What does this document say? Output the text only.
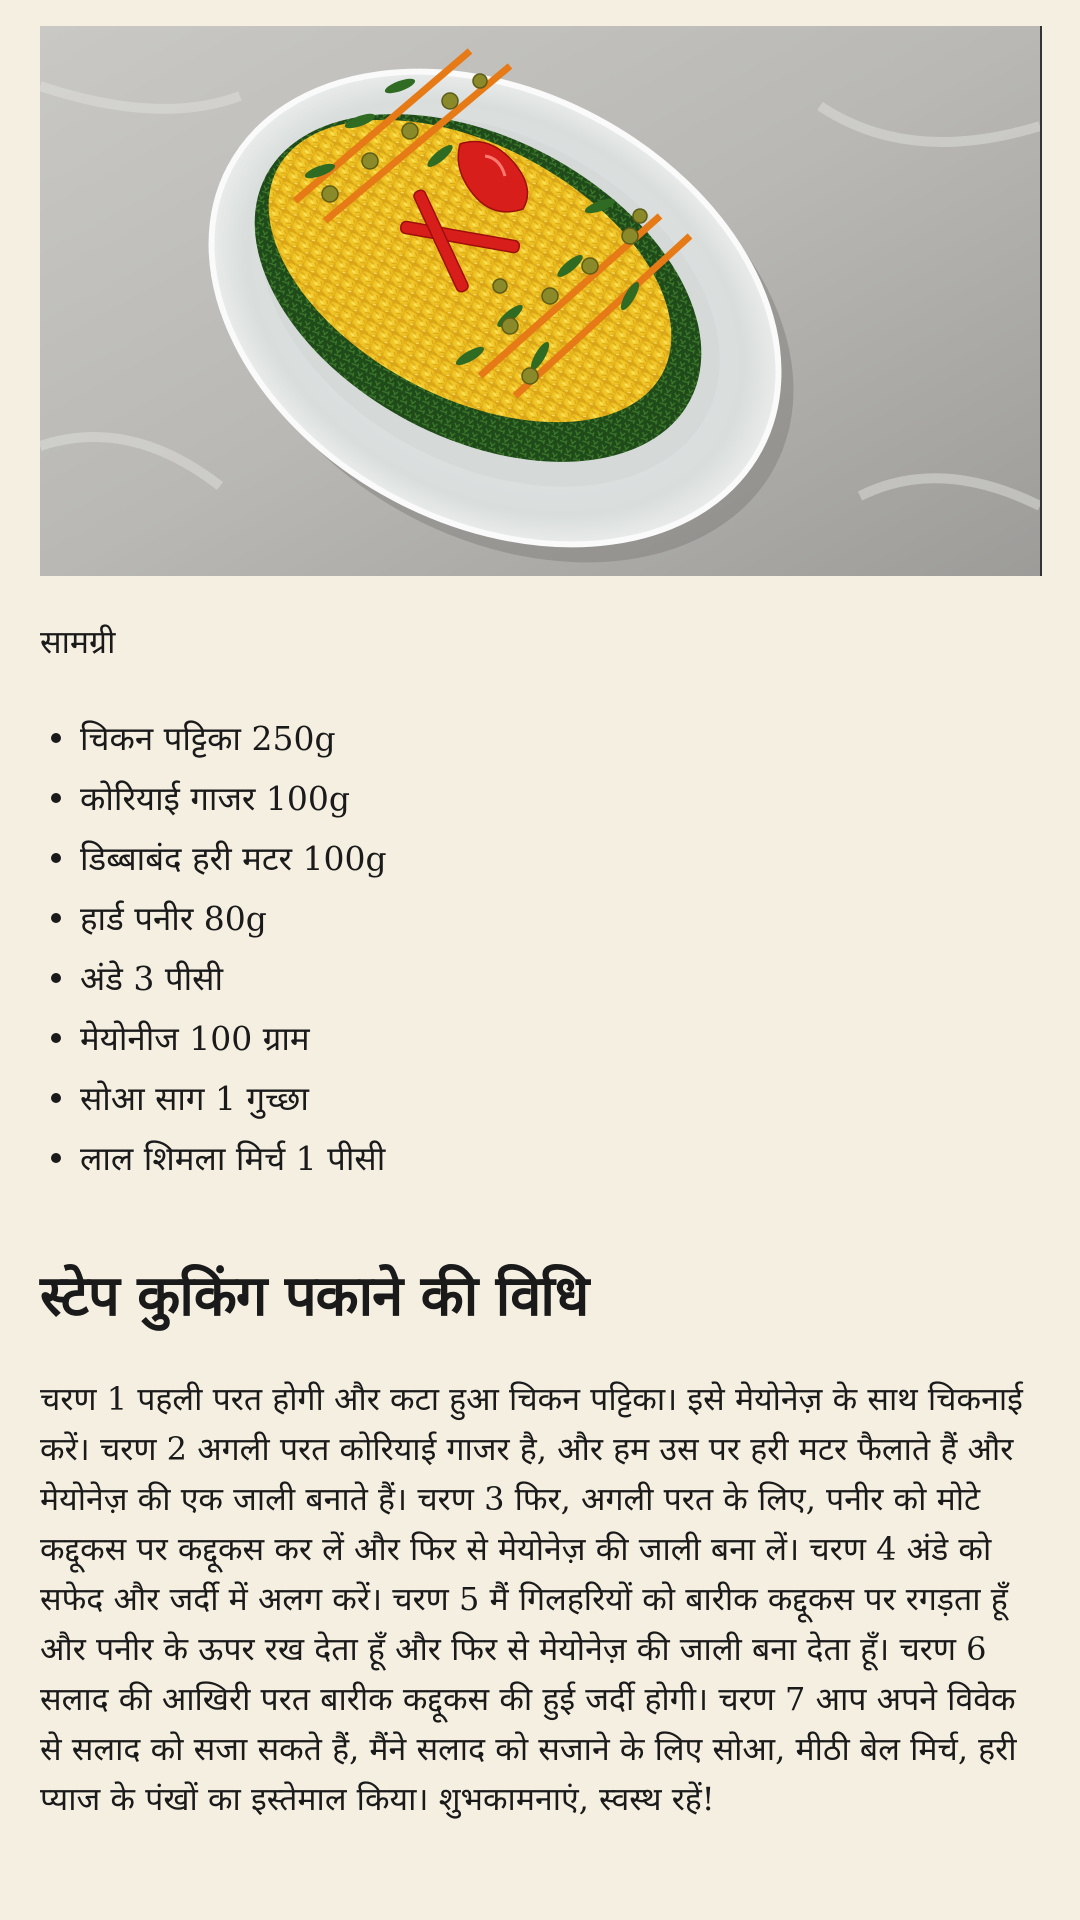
सामग्री
चिकन पट्टिका 250g
कोरियाई गाजर 100g
डिब्बाबंद हरी मटर 100g
हार्ड पनीर 80g
अंडे 3 पीसी
मेयोनीज 100 ग्राम
सोआ साग 1 गुच्छा
लाल शिमला मिर्च 1 पीसी
स्टेप कुकिंग पकाने की विधि

चरण 1 पहली परत होगी और कटा हुआ चिकन पट्टिका। इसे मेयोनेज़ के साथ चिकनाई करें। चरण 2 अगली परत कोरियाई गाजर है, और हम उस पर हरी मटर फैलाते हैं और मेयोनेज़ की एक जाली बनाते हैं। चरण 3 फिर, अगली परत के लिए, पनीर को मोटे कद्दूकस पर कद्दूकस कर लें और फिर से मेयोनेज़ की जाली बना लें। चरण 4 अंडे को सफेद और जर्दी में अलग करें। चरण 5 मैं गिलहरियों को बारीक कद्दूकस पर रगड़ता हूँ और पनीर के ऊपर रख देता हूँ और फिर से मेयोनेज़ की जाली बना देता हूँ। चरण 6 सलाद की आखिरी परत बारीक कद्दूकस की हुई जर्दी होगी। चरण 7 आप अपने विवेक से सलाद को सजा सकते हैं, मैंने सलाद को सजाने के लिए सोआ, मीठी बेल मिर्च, हरी प्याज के पंखों का इस्तेमाल किया। शुभकामनाएं, स्वस्थ रहें!
